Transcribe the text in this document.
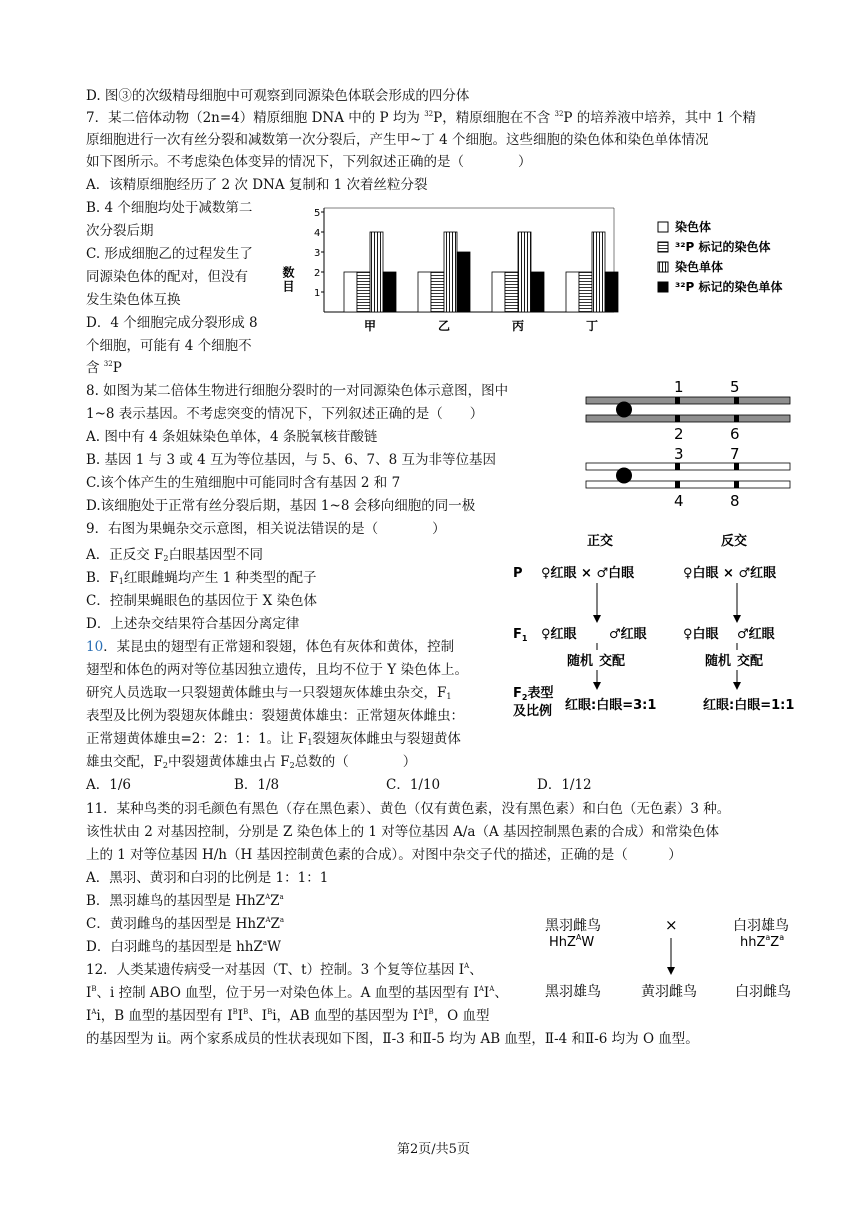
D. 图③的次级精母细胞中可观察到同源染色体联会形成的四分体
7．某二倍体动物（2n=4）精原细胞 DNA 中的 P 均为 $^{32}$P，精原细胞在不含 $^{32}$P 的培养液中培养，其中 1 个精
原细胞进行一次有丝分裂和减数第一次分裂后，产生甲~丁 4 个细胞。这些细胞的染色体和染色单体情况
如下图所示。不考虑染色体变异的情况下，下列叙述正确的是（　　　　）
A．该精原细胞经历了 2 次 DNA 复制和 1 次着丝粒分裂
B. 4 个细胞均处于减数第二
次分裂后期
C. 形成细胞乙的过程发生了
同源染色体的配对，但没有
发生染色体互换
D．4 个细胞完成分裂形成 8
个细胞，可能有 4 个细胞不
含 $^{32}$P
8. 如图为某二倍体生物进行细胞分裂时的一对同源染色体示意图，图中
1~8 表示基因。不考虑突变的情况下，下列叙述正确的是（　　）
A. 图中有 4 条姐妹染色单体，4 条脱氧核苷酸链
B. 基因 1 与 3 或 4 互为等位基因，与 5、6、7、8 互为非等位基因
C.该个体产生的生殖细胞中可能同时含有基因 2 和 7
D.该细胞处于正常有丝分裂后期，基因 1~8 会移向细胞的同一极
9．右图为果蝇杂交示意图，相关说法错误的是（　　　　）
A．正反交 $F_2$白眼基因型不同
B．$F_1$红眼雌蝇均产生 1 种类型的配子
C．控制果蝇眼色的基因位于 X 染色体
D．上述杂交结果符合基因分离定律
10．某昆虫的翅型有正常翅和裂翅，体色有灰体和黄体，控制
翅型和体色的两对等位基因独立遗传，且均不位于 Y 染色体上。
研究人员选取一只裂翅黄体雌虫与一只裂翅灰体雄虫杂交，$F_1$
表型及比例为裂翅灰体雌虫：裂翅黄体雄虫：正常翅灰体雌虫：
正常翅黄体雄虫=2：2：1：1。让 $F_1$裂翅灰体雌虫与裂翅黄体
雄虫交配，$F_2$中裂翅黄体雄虫占 $F_2$总数的（　　　　）
A．1/6	B．1/8	C．1/10	D．1/12
11．某种鸟类的羽毛颜色有黑色（存在黑色素）、黄色（仅有黄色素，没有黑色素）和白色（无色素）3 种。
该性状由 2 对基因控制，分别是 Z 染色体上的 1 对等位基因 A/a（A 基因控制黑色素的合成）和常染色体
上的 1 对等位基因 H/h（H 基因控制黄色素的合成）。对图中杂交子代的描述，正确的是（　　　）
A．黑羽、黄羽和白羽的比例是 1：1：1
B．黑羽雄鸟的基因型是 $HhZ^AZ^a$
C．黄羽雌鸟的基因型是 $HhZ^AZ^a$
D．白羽雌鸟的基因型是 hhZ$^a$W
12．人类某遗传病受一对基因（T、t）控制。3 个复等位基因 $I^A$、
$I^B$、i 控制 ABO 血型，位于另一对染色体上。A 血型的基因型有 $I^AI^A$、
$I^Ai$，B 血型的基因型有 $I^BI^B$、$I^Bi$，AB 血型的基因型为 $I^AI^B$，O 血型
的基因型为 ii。两个家系成员的性状表现如下图，Ⅱ-3 和Ⅱ-5 均为 AB 血型，Ⅱ-4 和Ⅱ-6 均为 O 血型。
第2页/共5页
数目 1
2
3
4
5
甲	乙	丙	丁
染色体
³²P 标记的染色体
染色单体
³²P 标记的染色单体
1	5
2	6
3	7
4	8
正交	反交
P ♀红眼 × ♂白眼	♀白眼 × ♂红眼
$F_1$ ♀红眼 ♂红眼	♀白眼 ♂红眼
随机 交配	随机 交配
$F_2$表型
及比例 红眼:白眼=3:1	红眼:白眼=1:1
黑羽雌鸟
HhZ$^A$W
×	白羽雄鸟
$hhZ^aZ^a$
黑羽雄鸟	黄羽雌鸟	白羽雌鸟
